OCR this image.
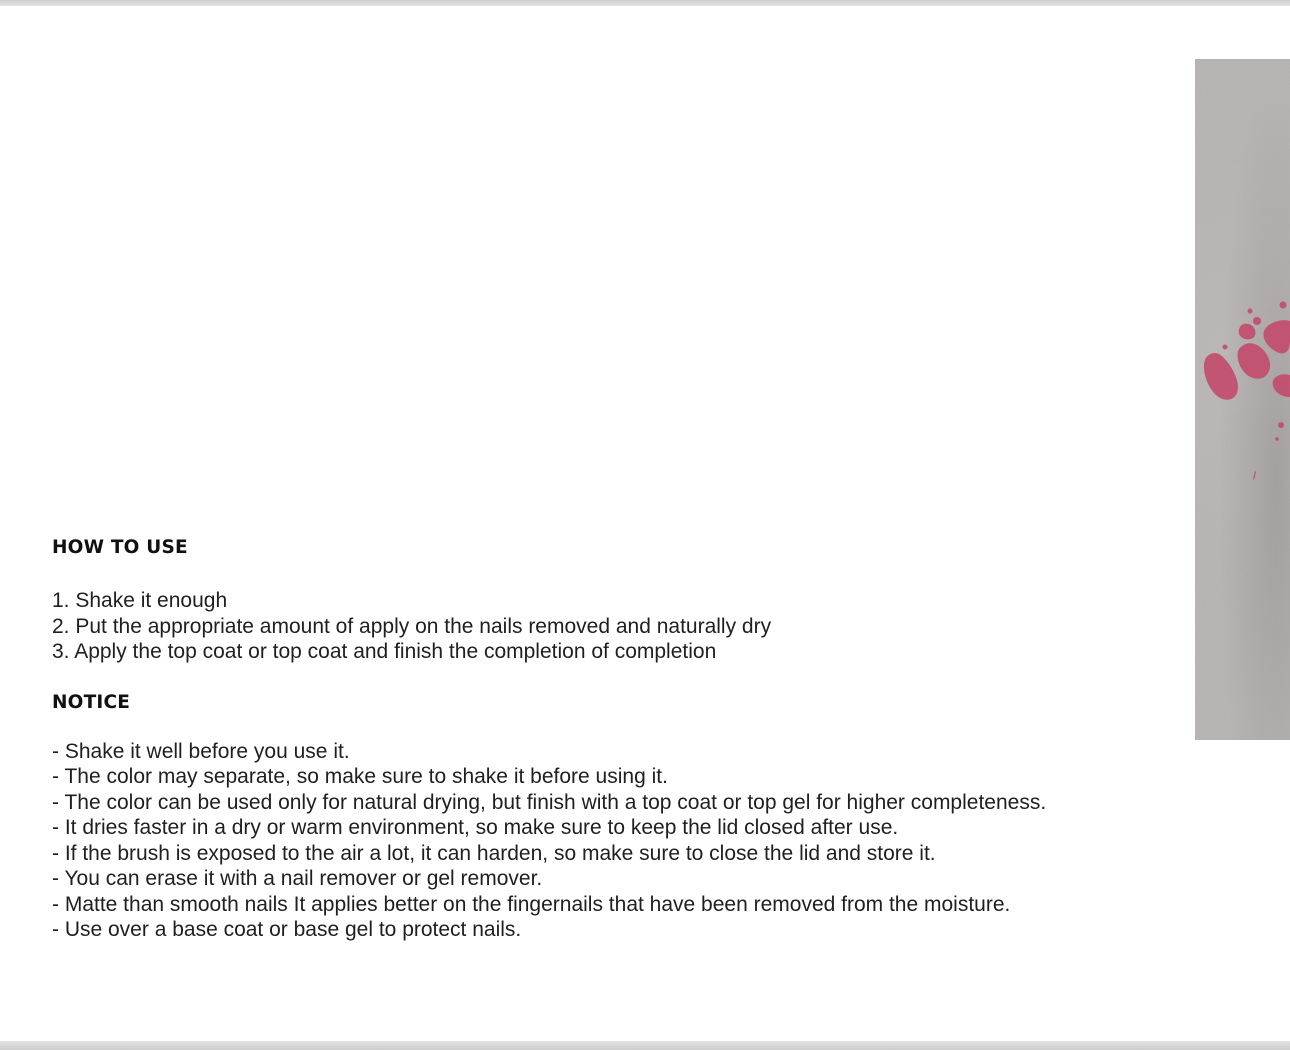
HOW TO USE
1. Shake it enough
2. Put the appropriate amount of apply on the nails removed and naturally dry
3. Apply the top coat or top coat and finish the completion of completion
NOTICE
- Shake it well before you use it.
- The color may separate, so make sure to shake it before using it.
- The color can be used only for natural drying, but finish with a top coat or top gel for higher completeness.
- It dries faster in a dry or warm environment, so make sure to keep the lid closed after use.
- If the brush is exposed to the air a lot, it can harden, so make sure to close the lid and store it.
- You can erase it with a nail remover or gel remover.
- Matte than smooth nails It applies better on the fingernails that have been removed from the moisture.
- Use over a base coat or base gel to protect nails.
